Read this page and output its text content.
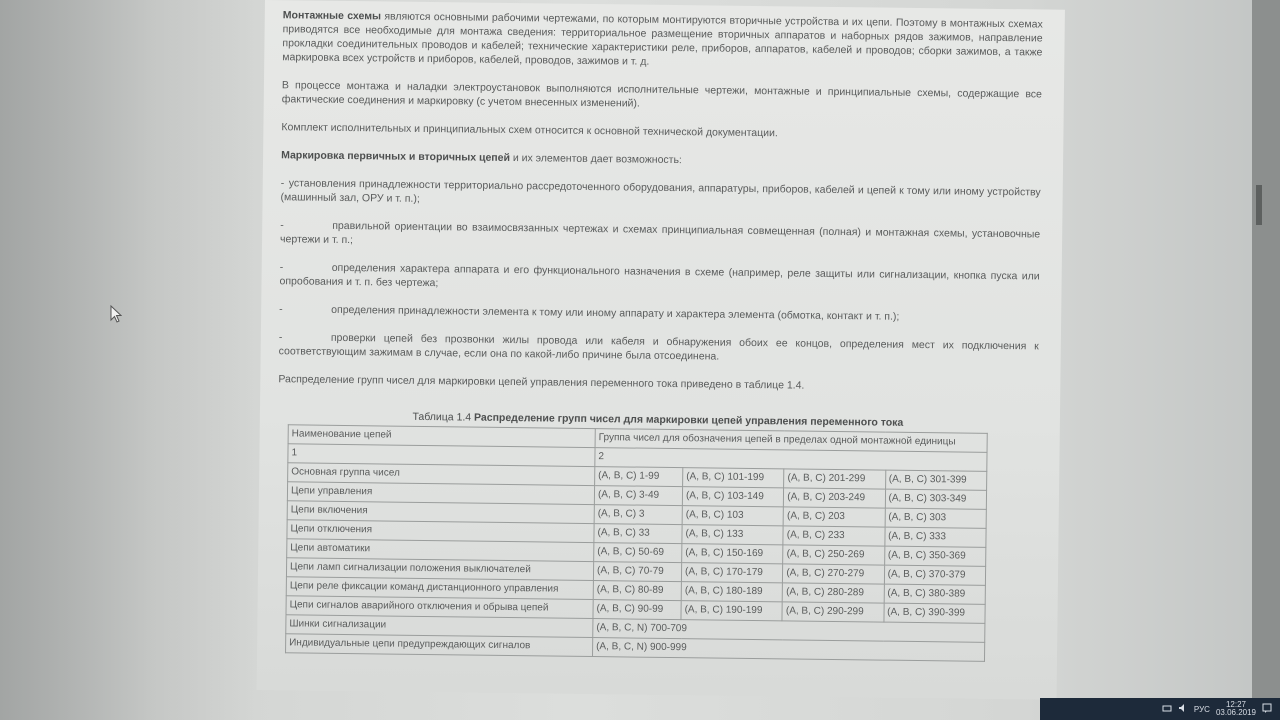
Монтажные схемы являются основными рабочими чертежами, по которым монтируются вторичные устройства и их цепи. Поэтому в монтажных схемах приводятся все необходимые для монтажа сведения: территориальное размещение вторичных аппаратов и наборных рядов зажимов, направление прокладки соединительных проводов и кабелей; технические характеристики реле, приборов, аппаратов, кабелей и проводов; сборки зажимов, а также маркировка всех устройств и приборов, кабелей, проводов, зажимов и т. д.

В процессе монтажа и наладки электроустановок выполняются исполнительные чертежи, монтажные и принципиальные схемы, содержащие все фактические соединения и маркировку (с учетом внесенных изменений).

Комплект исполнительных и принципиальных схем относится к основной технической документации.

Маркировка первичных и вторичных цепей и их элементов дает возможность:

- установления принадлежности территориально рассредоточенного оборудования, аппаратуры, приборов, кабелей и цепей к тому или иному устройству (машинный зал, ОРУ и т. п.);
-	правильной ориентации во взаимосвязанных чертежах и схемах принципиальная совмещенная (полная) и монтажная схемы, установочные чертежи и т. п.;
-	определения характера аппарата и его функционального назначения в схеме (например, реле защиты или сигнализации, кнопка пуска или опробования и т. п. без чертежа;
-	определения принадлежности элемента к тому или иному аппарату и характера элемента (обмотка, контакт и т. п.);
-	проверки цепей без прозвонки жилы провода или кабеля и обнаружения обоих ее концов, определения мест их подключения к соответствующим зажимам в случае, если она по какой-либо причине была отсоединена.

Распределение групп чисел для маркировки цепей управления переменного тока приведено в таблице 1.4.

Таблица 1.4 Распределение групп чисел для маркировки цепей управления переменного тока
Наименование цепей	Группа чисел для обозначения цепей в пределах одной монтажной единицы			
1	2			
Основная группа чисел	(A, B, C) 1-99	(A, B, C) 101-199	(A, B, C) 201-299	(A, B, C) 301-399
Цепи управления	(A, B, C) 3-49	(A, B, C) 103-149	(A, B, C) 203-249	(A, B, C) 303-349
Цепи включения	(A, B, C) 3	(A, B, C) 103	(A, B, C) 203	(A, B, C) 303
Цепи отключения	(A, B, C) 33	(A, B, C) 133	(A, B, C) 233	(A, B, C) 333
Цепи автоматики	(A, B, C) 50-69	(A, B, C) 150-169	(A, B, C) 250-269	(A, B, C) 350-369
Цепи ламп сигнализации положения выключателей	(A, B, C) 70-79	(A, B, C) 170-179	(A, B, C) 270-279	(A, B, C) 370-379
Цепи реле фиксации команд дистанционного управления	(A, B, C) 80-89	(A, B, C) 180-189	(A, B, C) 280-289	(A, B, C) 380-389
Цепи сигналов аварийного отключения и обрыва цепей	(A, B, C) 90-99	(A, B, C) 190-199	(A, B, C) 290-299	(A, B, C) 390-399
Шинки сигнализации	(A, B, C, N) 700-709			
Индивидуальные цепи предупреждающих сигналов	(A, B, C, N) 900-999			
РУС	12:27
03.06.2019
